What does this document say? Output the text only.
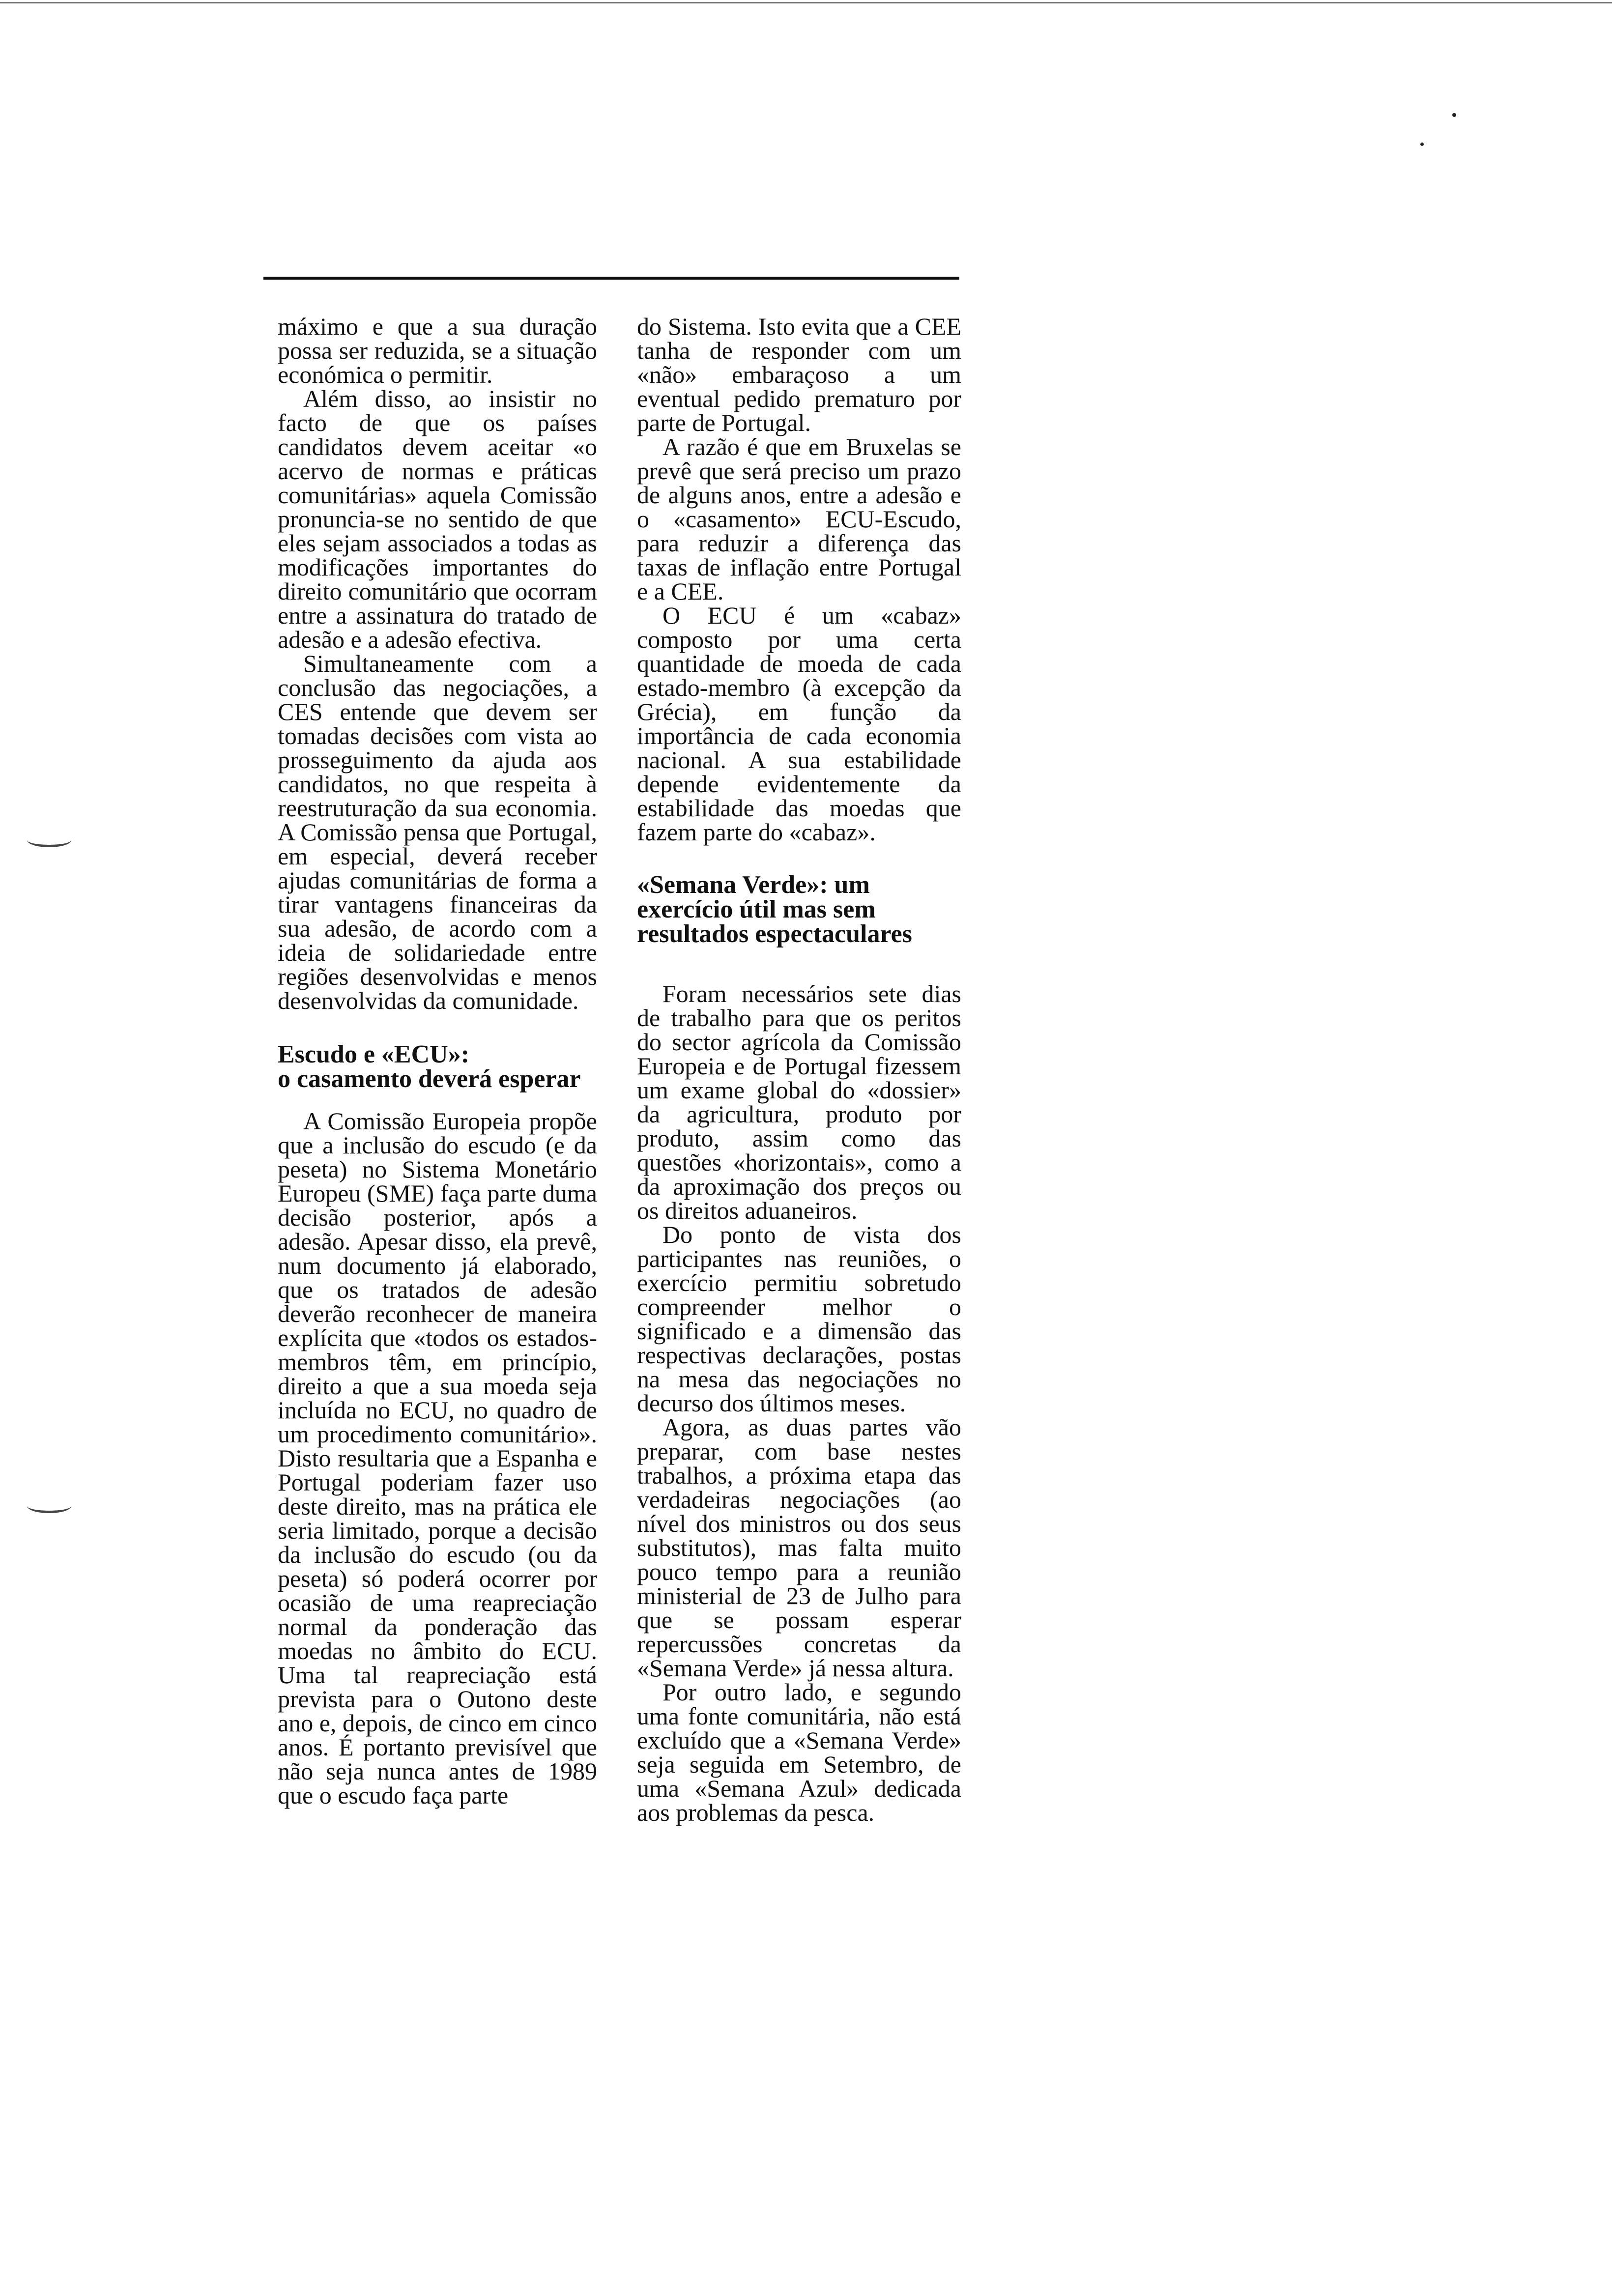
máximo e que a sua duração possa ser reduzida, se a situação económica o permitir.

Além disso, ao insistir no facto de que os países candidatos devem aceitar «o acervo de normas e práticas comunitárias» aquela Comissão pronuncia-se no sentido de que eles sejam associados a todas as modificações importantes do direito comunitário que ocorram entre a assinatura do tratado de adesão e a adesão efectiva.

Simultaneamente com a conclusão das negociações, a CES entende que devem ser tomadas decisões com vista ao prosseguimento da ajuda aos candidatos, no que respeita à reestruturação da sua economia. A Comissão pensa que Portugal, em especial, deverá receber ajudas comunitárias de forma a tirar vantagens financeiras da sua adesão, de acordo com a ideia de solidariedade entre regiões desenvolvidas e menos desenvolvidas da comunidade.

Escudo e «ECU»:
o casamento deverá esperar

A Comissão Europeia propõe que a inclusão do escudo (e da peseta) no Sistema Monetário Europeu (SME) faça parte duma decisão posterior, após a adesão. Apesar disso, ela prevê, num documento já elaborado, que os tratados de adesão deverão reconhecer de maneira explícita que «todos os estados-membros têm, em princípio, direito a que a sua moeda seja incluída no ECU, no quadro de um procedimento comunitário». Disto resultaria que a Espanha e Portugal poderiam fazer uso deste direito, mas na prática ele seria limitado, porque a decisão da inclusão do escudo (ou da peseta) só poderá ocorrer por ocasião de uma reapreciação normal da ponderação das moedas no âmbito do ECU. Uma tal reapreciação está prevista para o Outono deste ano e, depois, de cinco em cinco anos. É portanto previsível que não seja nunca antes de 1989 que o escudo faça parte

do Sistema. Isto evita que a CEE tanha de responder com um «não» embaraçoso a um eventual pedido prematuro por parte de Portugal.

A razão é que em Bruxelas se prevê que será preciso um prazo de alguns anos, entre a adesão e o «casamento» ECU-Escudo, para reduzir a diferença das taxas de inflação entre Portugal e a CEE.

O ECU é um «cabaz» composto por uma certa quantidade de moeda de cada estado-membro (à excepção da Grécia), em função da importância de cada economia nacional. A sua estabilidade depende evidentemente da estabilidade das moedas que fazem parte do «cabaz».

«Semana Verde»: um
exercício útil mas sem
resultados espectaculares

Foram necessários sete dias de trabalho para que os peritos do sector agrícola da Comissão Europeia e de Portugal fizessem um exame global do «dossier» da agricultura, produto por produto, assim como das questões «horizontais», como a da aproximação dos preços ou os direitos aduaneiros.

Do ponto de vista dos participantes nas reuniões, o exercício permitiu sobretudo compreender melhor o significado e a dimensão das respectivas declarações, postas na mesa das negociações no decurso dos últimos meses.

Agora, as duas partes vão preparar, com base nestes trabalhos, a próxima etapa das verdadeiras negociações (ao nível dos ministros ou dos seus substitutos), mas falta muito pouco tempo para a reunião ministerial de 23 de Julho para que se possam esperar repercussões concretas da «Semana Verde» já nessa altura.

Por outro lado, e segundo uma fonte comunitária, não está excluído que a «Semana Verde» seja seguida em Setembro, de uma «Semana Azul» dedicada aos problemas da pesca.
